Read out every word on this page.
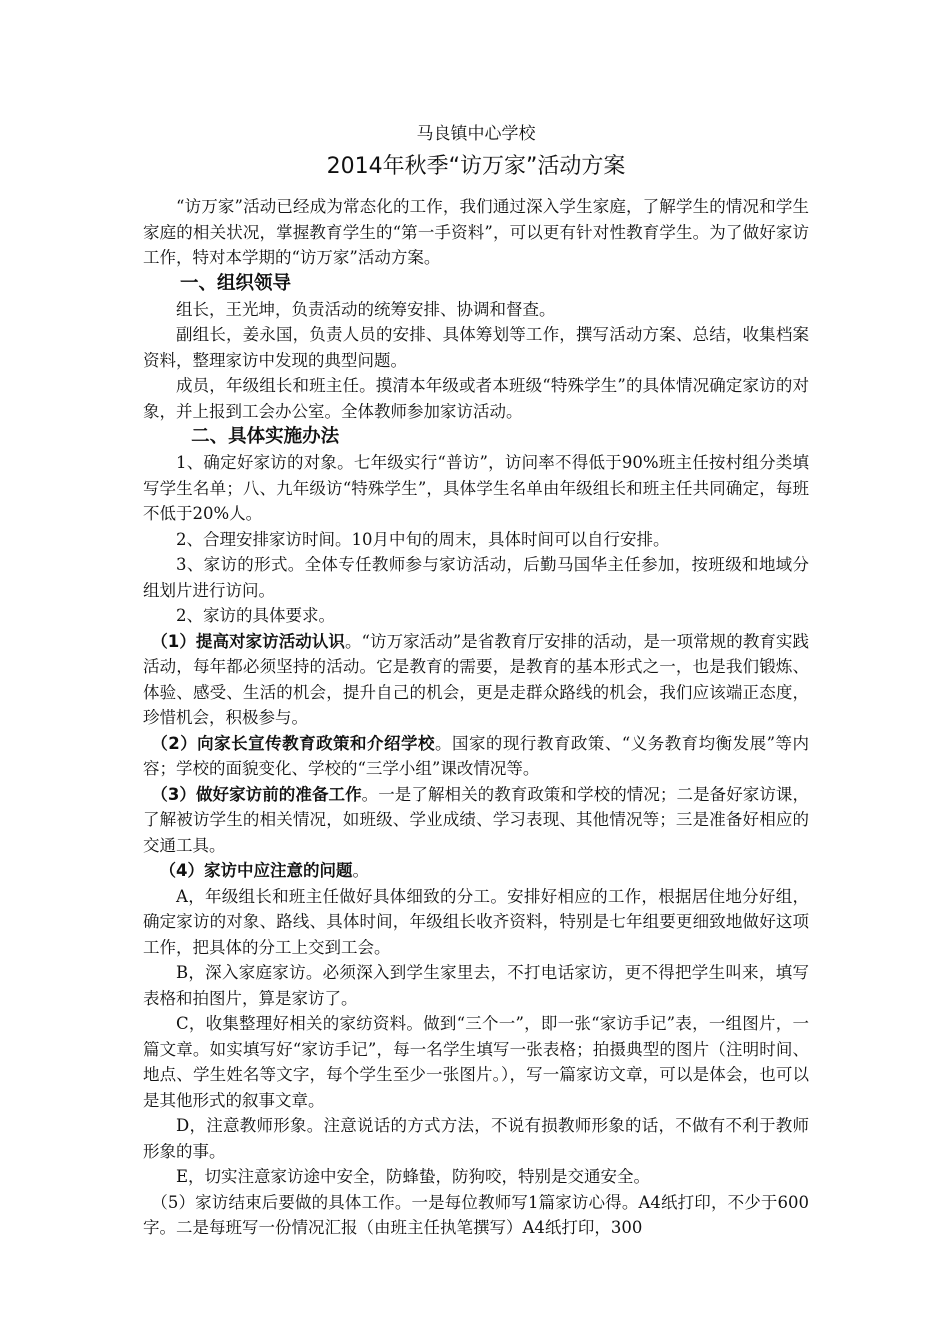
马良镇中心学校

2014年秋季“访万家”活动方案

“访万家”活动已经成为常态化的工作，我们通过深入学生家庭，了解学生的情况和学生家庭的相关状况，掌握教育学生的“第一手资料”，可以更有针对性教育学生。为了做好家访工作，特对本学期的“访万家”活动方案。

一、组织领导

组长，王光坤，负责活动的统筹安排、协调和督查。

副组长，姜永国，负责人员的安排、具体筹划等工作，撰写活动方案、总结，收集档案资料，整理家访中发现的典型问题。

成员，年级组长和班主任。摸清本年级或者本班级“特殊学生”的具体情况确定家访的对象，并上报到工会办公室。全体教师参加家访活动。

二、具体实施办法

1、确定好家访的对象。七年级实行“普访”，访问率不得低于90%班主任按村组分类填写学生名单；八、九年级访“特殊学生”，具体学生名单由年级组长和班主任共同确定，每班不低于20%人。

2、合理安排家访时间。10月中旬的周末，具体时间可以自行安排。

3、家访的形式。全体专任教师参与家访活动，后勤马国华主任参加，按班级和地域分组划片进行访问。

2、家访的具体要求。

（1）提高对家访活动认识。“访万家活动”是省教育厅安排的活动，是一项常规的教育实践活动，每年都必须坚持的活动。它是教育的需要，是教育的基本形式之一，也是我们锻炼、体验、感受、生活的机会，提升自己的机会，更是走群众路线的机会，我们应该端正态度，珍惜机会，积极参与。

（2）向家长宣传教育政策和介绍学校。国家的现行教育政策、“义务教育均衡发展”等内容；学校的面貌变化、学校的“三学小组”课改情况等。

（3）做好家访前的准备工作。一是了解相关的教育政策和学校的情况；二是备好家访课，了解被访学生的相关情况，如班级、学业成绩、学习表现、其他情况等；三是准备好相应的交通工具。

（4）家访中应注意的问题。

A，年级组长和班主任做好具体细致的分工。安排好相应的工作，根据居住地分好组，确定家访的对象、路线、具体时间，年级组长收齐资料，特别是七年组要更细致地做好这项工作，把具体的分工上交到工会。

B，深入家庭家访。必须深入到学生家里去，不打电话家访，更不得把学生叫来，填写表格和拍图片，算是家访了。

C，收集整理好相关的家纺资料。做到“三个一”，即一张“家访手记”表，一组图片，一篇文章。如实填写好“家访手记”，每一名学生填写一张表格；拍摄典型的图片（注明时间、地点、学生姓名等文字，每个学生至少一张图片。），写一篇家访文章，可以是体会，也可以是其他形式的叙事文章。

D，注意教师形象。注意说话的方式方法，不说有损教师形象的话，不做有不利于教师形象的事。

E，切实注意家访途中安全，防蜂蛰，防狗咬，特别是交通安全。

（5）家访结束后要做的具体工作。一是每位教师写1篇家访心得。A4纸打印，不少于600字。二是每班写一份情况汇报（由班主任执笔撰写）A4纸打印，300
